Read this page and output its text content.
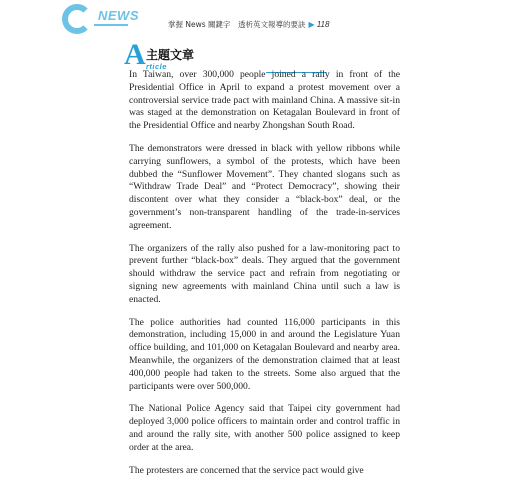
NEWS
掌握 News 關鍵字　透析英文報導的要訣 ▶ 118
A 主題文章
rticle

In Taiwan, over 300,000 people joined a rally in front of the Presidential Office in April to expand a protest movement over a controversial service trade pact with mainland China. A massive sit-in was staged at the demonstration on Ketagalan Boulevard in front of the Presidential Office and nearby Zhongshan South Road.

The demonstrators were dressed in black with yellow ribbons while carrying sunflowers, a symbol of the protests, which have been dubbed the “Sunflower Movement”. They chanted slogans such as “Withdraw Trade Deal” and “Protect Democracy”, showing their discontent over what they consider a “black-box” deal, or the government’s non-transparent handling of the trade-in-services agreement.

The organizers of the rally also pushed for a law-monitoring pact to prevent further “black-box” deals. They argued that the government should withdraw the service pact and refrain from negotiating or signing new agreements with mainland China until such a law is enacted.

The police authorities had counted 116,000 participants in this demonstration, including 15,000 in and around the Legislature Yuan office building, and 101,000 on Ketagalan Boulevard and nearby area. Meanwhile, the organizers of the demonstration claimed that at least 400,000 people had taken to the streets. Some also argued that the participants were over 500,000.

The National Police Agency said that Taipei city government had deployed 3,000 police officers to maintain order and control traffic in and around the rally site, with another 500 police assigned to keep order at the area.

The protesters are concerned that the service pact would give
